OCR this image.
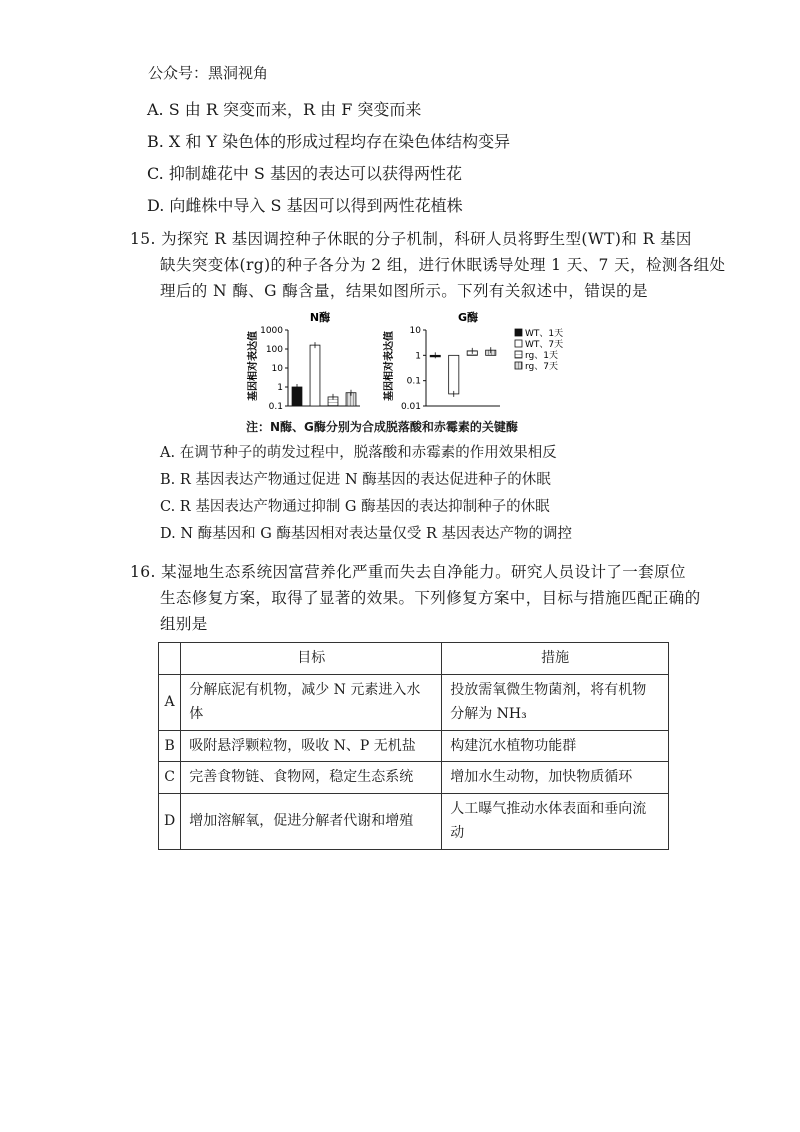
公众号：黑洞视角
A. S 由 R 突变而来，R 由 F 突变而来
B. X 和 Y 染色体的形成过程均存在染色体结构变异
C. 抑制雄花中 S 基因的表达可以获得两性花
D. 向雌株中导入 S 基因可以得到两性花植株
15. 为探究 R 基因调控种子休眠的分子机制，科研人员将野生型(WT)和 R 基因
缺失突变体(rg)的种子各分为 2 组，进行休眠诱导处理 1 天、7 天，检测各组处
理后的 N 酶、G 酶含量，结果如图所示。下列有关叙述中，错误的是
基因相对表达值
N酶
0.1
1
10
100
1000	基因相对表达值
G酶
0.01
0.1
1
10	WT、1天
WT、7天
rg、1天
rg、7天
注：N酶、G酶分别为合成脱落酸和赤霉素的关键酶
A. 在调节种子的萌发过程中，脱落酸和赤霉素的作用效果相反
B. R 基因表达产物通过促进 N 酶基因的表达促进种子的休眠
C. R 基因表达产物通过抑制 G 酶基因的表达抑制种子的休眠
D. N 酶基因和 G 酶基因相对表达量仅受 R 基因表达产物的调控
16. 某湿地生态系统因富营养化严重而失去自净能力。研究人员设计了一套原位
生态修复方案，取得了显著的效果。下列修复方案中，目标与措施匹配正确的
组别是
	目标	措施
A	分解底泥有机物，减少 N 元素进入水体	投放需氧微生物菌剂，将有机物分解为 NH₃
B	吸附悬浮颗粒物，吸收 N、P 无机盐	构建沉水植物功能群
C	完善食物链、食物网，稳定生态系统	增加水生动物，加快物质循环
D	增加溶解氧，促进分解者代谢和增殖	人工曝气推动水体表面和垂向流动
